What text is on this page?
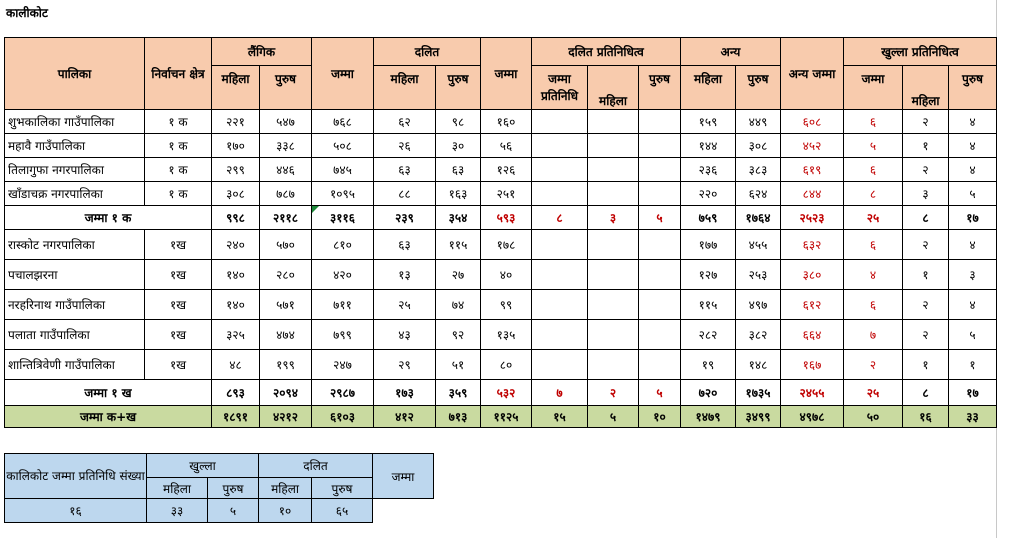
कालीकोट
पालिका	निर्वाचन क्षेत्र	लैंगिक		जम्मा	दलित		जम्मा	दलित प्रतिनिधित्व			अन्य		अन्य जम्मा	खुल्ला प्रतिनिधित्व		
		महिला	पुरुष		महिला	पुरुष		जम्मा प्रतिनिधि	महिला	पुरुष	महिला	पुरुष		जम्मा	महिला	पुरुष
शुभकालिका गाउँपालिका	१ क	२२१	५४७	७६८	६२	९८	१६०				१५९	४४९	६०८	६	२	४
महावै गाउँपालिका	१ क	१७०	३३८	५०८	२६	३०	५६				१४४	३०८	४५२	५	१	४
तिलागुफा नगरपालिका	१ क	२९९	४४६	७४५	६३	६३	१२६				२३६	३८३	६१९	६	२	४
खाँडाचक्र नगरपालिका	१ क	३०८	७८७	१०९५	८८	१६३	२५१				२२०	६२४	८४४	८	३	५
जम्मा १ क		९९८	२११८	३११६	२३९	३५४	५९३	८	३	५	७५९	१७६४	२५२३	२५	८	१७
रास्कोट नगरपालिका	१ख	२४०	५७०	८१०	६३	११५	१७८				१७७	४५५	६३२	६	२	४
पचालझरना	१ख	१४०	२८०	४२०	१३	२७	४०				१२७	२५३	३८०	४	१	३
नरहरिनाथ गाउँपालिका	१ख	१४०	५७१	७११	२५	७४	९९				११५	४९७	६१२	६	२	४
पलाता गाउँपालिका	१ख	३२५	४७४	७९९	४३	९२	१३५				२८२	३८२	६६४	७	२	५
शान्तित्रिवेणी गाउँपालिका	१ख	४८	१९९	२४७	२९	५१	८०				१९	१४८	१६७	२	१	१
जम्मा १ ख		८९३	२०९४	२९८७	१७३	३५९	५३२	७	२	५	७२०	१७३५	२४५५	२५	८	१७
जम्मा क+ख		१८९१	४२१२	६१०३	४१२	७१३	११२५	१५	५	१०	१४७९	३४९९	४९७८	५०	१६	३३
कालिकोट जम्मा प्रतिनिधि संख्या	खुल्ला		दलित		जम्मा
	महिला	पुरुष	महिला	पुरुष	
१६	३३	५	१०	६५	
